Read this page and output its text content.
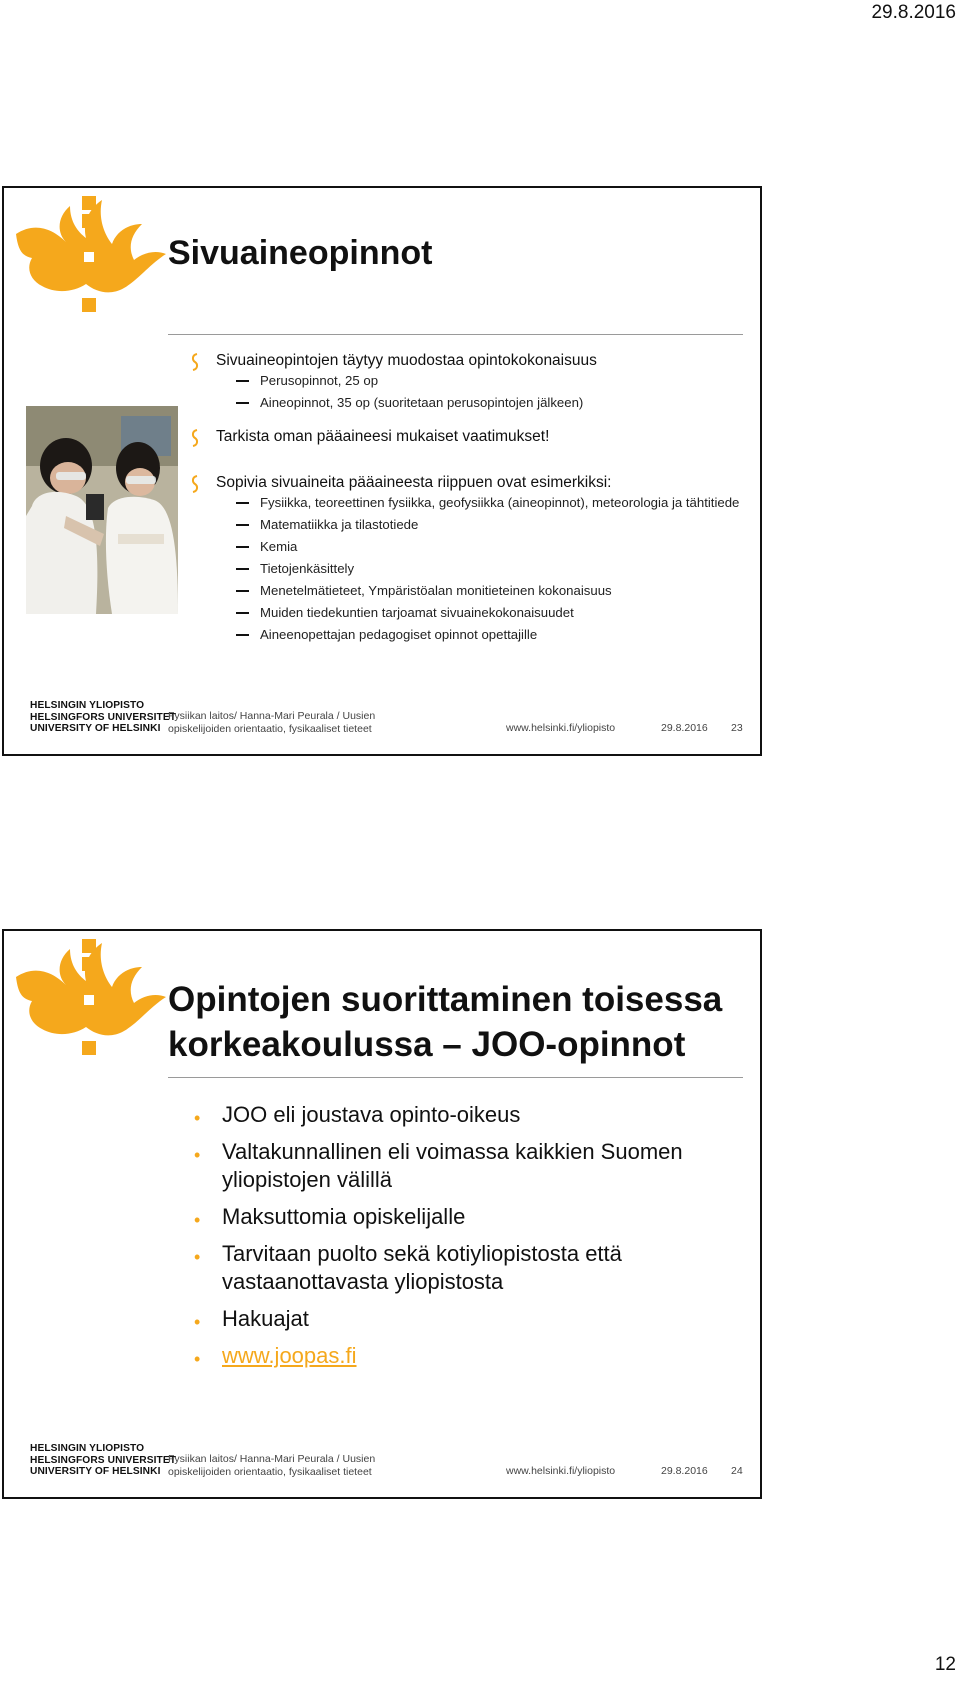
29.8.2016
Sivuaineopinnot
Sivuaineopintojen täytyy muodostaa opintokokonaisuus
Perusopinnot, 25 op
Aineopinnot, 35 op (suoritetaan perusopintojen jälkeen)
Tarkista oman pääaineesi mukaiset vaatimukset!
Sopivia sivuaineita pääaineesta riippuen ovat esimerkiksi:
Fysiikka, teoreettinen fysiikka, geofysiikka (aineopinnot), meteorologia ja tähtitiede
Matematiikka ja tilastotiede
Kemia
Tietojenkäsittely
Menetelmätieteet, Ympäristöalan monitieteinen kokonaisuus
Muiden tiedekuntien tarjoamat sivuainekokonaisuudet
Aineenopettajan pedagogiset opinnot opettajille
HELSINGIN YLIOPISTO
HELSINGFORS UNIVERSITET
UNIVERSITY OF HELSINKI
Fysiikan laitos/ Hanna-Mari Peurala / Uusien
opiskelijoiden orientaatio, fysikaaliset tieteet	www.helsinki.fi/yliopisto	29.8.2016 23
Opintojen suorittaminen toisessa
korkeakoulussa – JOO-opinnot
• JOO eli joustava opinto-oikeus
• Valtakunnallinen eli voimassa kaikkien Suomen yliopistojen välillä
• Maksuttomia opiskelijalle
• Tarvitaan puolto sekä kotiyliopistosta että vastaanottavasta yliopistosta
• Hakuajat
• www.joopas.fi
HELSINGIN YLIOPISTO
HELSINGFORS UNIVERSITET
UNIVERSITY OF HELSINKI
Fysiikan laitos/ Hanna-Mari Peurala / Uusien
opiskelijoiden orientaatio, fysikaaliset tieteet	www.helsinki.fi/yliopisto	29.8.2016 24
12
